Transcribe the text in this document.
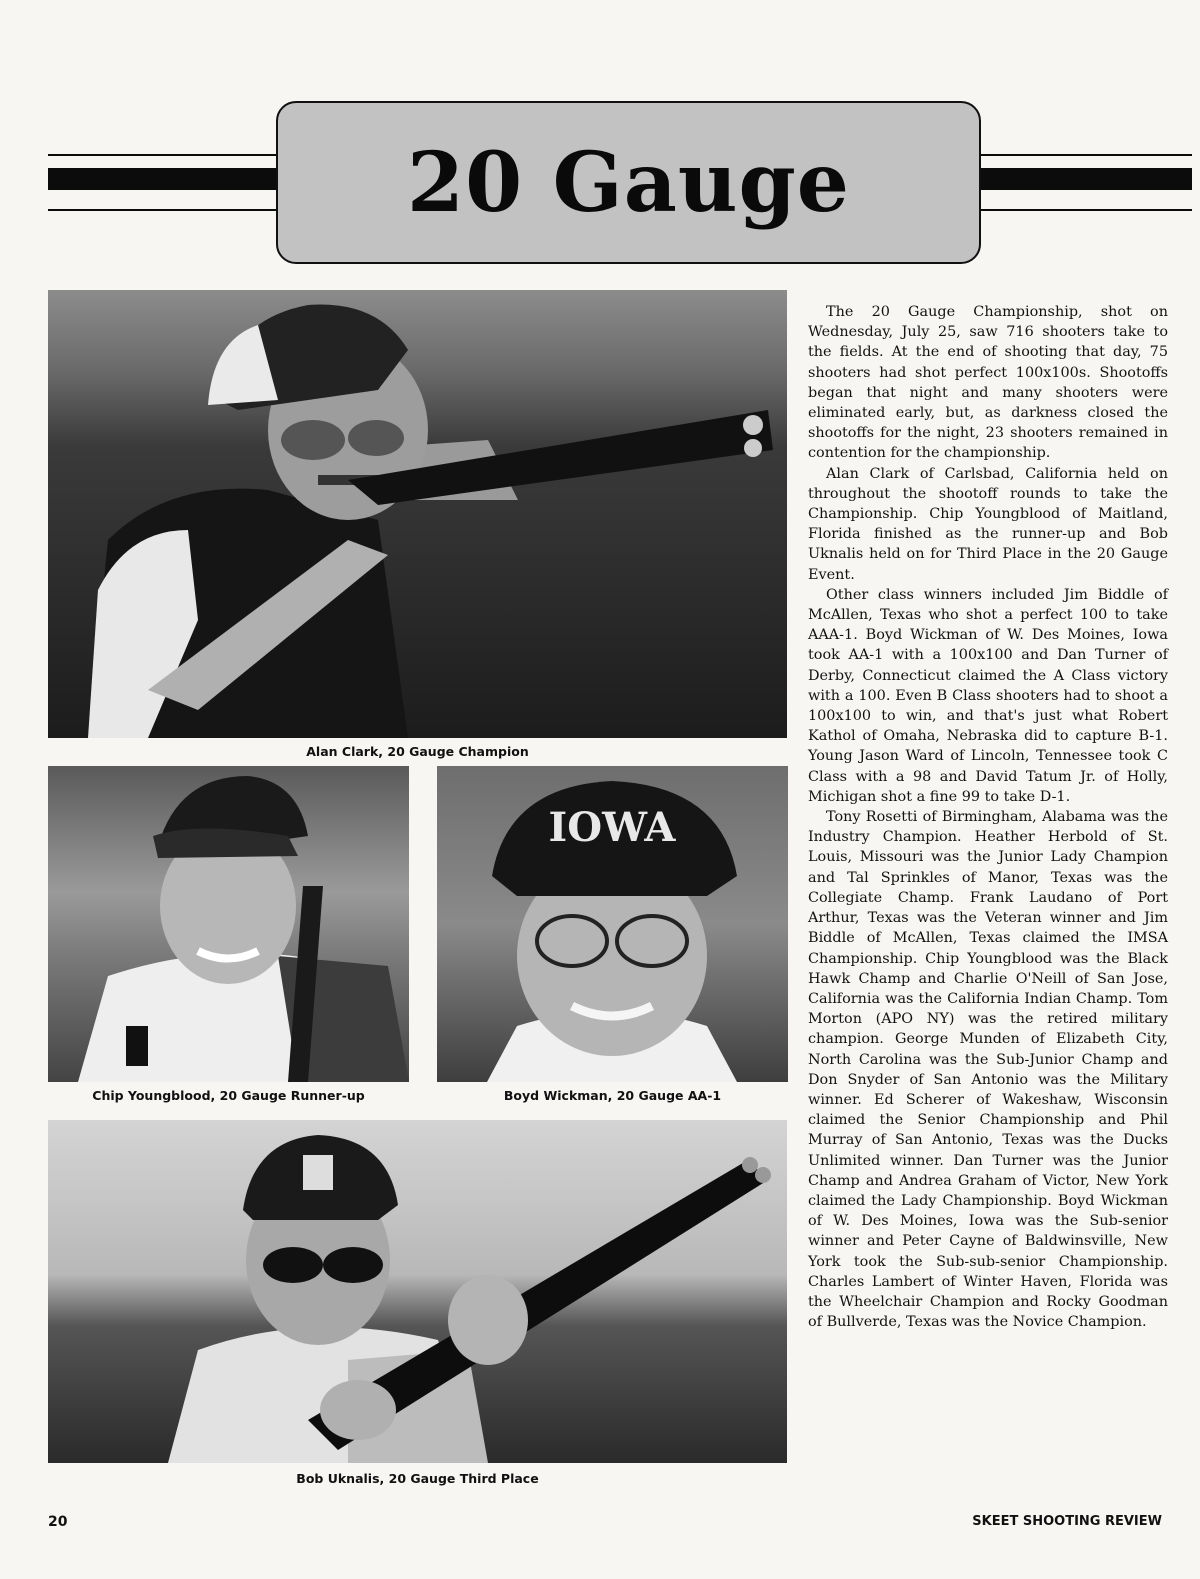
20 Gauge
Alan Clark, 20 Gauge Champion
Chip Youngblood, 20 Gauge Runner-up
IOWA
Boyd Wickman, 20 Gauge AA-1
Bob Uknalis, 20 Gauge Third Place

The 20 Gauge Championship, shot on Wednesday, July 25, saw 716 shooters take to the fields. At the end of shooting that day, 75 shooters had shot perfect 100x100s. Shootoffs began that night and many shooters were eliminated early, but, as darkness closed the shootoffs for the night, 23 shooters remained in contention for the championship.

Alan Clark of Carlsbad, California held on throughout the shootoff rounds to take the Championship. Chip Youngblood of Maitland, Florida finished as the runner-up and Bob Uknalis held on for Third Place in the 20 Gauge Event.

Other class winners included Jim Biddle of McAllen, Texas who shot a perfect 100 to take AAA-1. Boyd Wickman of W. Des Moines, Iowa took AA-1 with a 100x100 and Dan Turner of Derby, Connecticut claimed the A Class victory with a 100. Even B Class shooters had to shoot a 100x100 to win, and that's just what Robert Kathol of Omaha, Nebraska did to capture B-1. Young Jason Ward of Lincoln, Tennessee took C Class with a 98 and David Tatum Jr. of Holly, Michigan shot a fine 99 to take D-1.

Tony Rosetti of Birmingham, Alabama was the Industry Champion. Heather Herbold of St. Louis, Missouri was the Junior Lady Champion and Tal Sprinkles of Manor, Texas was the Collegiate Champ. Frank Laudano of Port Arthur, Texas was the Veteran winner and Jim Biddle of McAllen, Texas claimed the IMSA Championship. Chip Youngblood was the Black Hawk Champ and Charlie O'Neill of San Jose, California was the California Indian Champ. Tom Morton (APO NY) was the retired military champion. George Munden of Elizabeth City, North Carolina was the Sub-Junior Champ and Don Snyder of San Antonio was the Military winner. Ed Scherer of Wakeshaw, Wisconsin claimed the Senior Championship and Phil Murray of San Antonio, Texas was the Ducks Unlimited winner. Dan Turner was the Junior Champ and Andrea Graham of Victor, New York claimed the Lady Championship. Boyd Wickman of W. Des Moines, Iowa was the Sub-senior winner and Peter Cayne of Baldwinsville, New York took the Sub-sub-senior Championship. Charles Lambert of Winter Haven, Florida was the Wheelchair Champion and Rocky Goodman of Bullverde, Texas was the Novice Champion.

20	SKEET SHOOTING REVIEW
